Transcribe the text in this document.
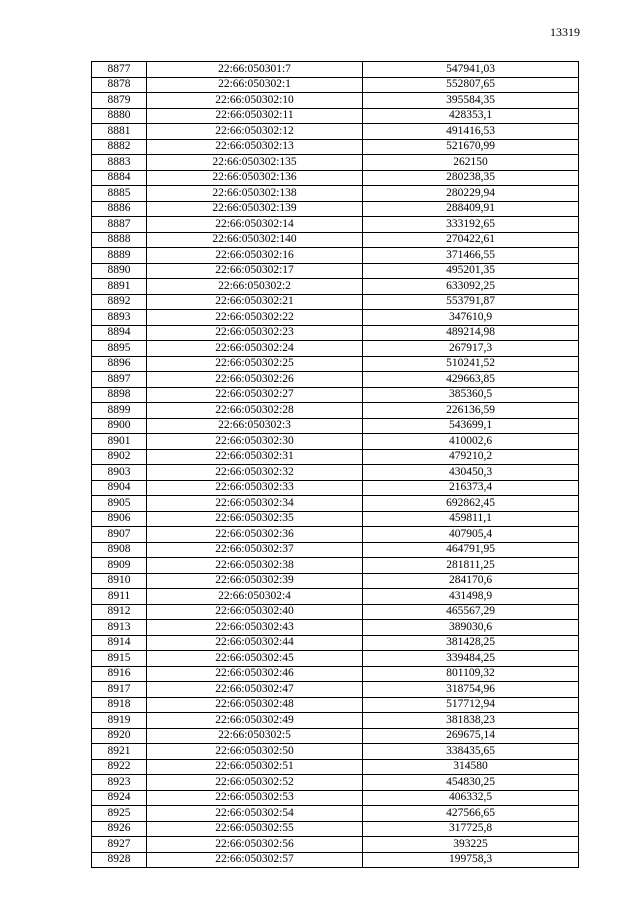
13319
8877	22:66:050301:7	547941,03
8878	22:66:050302:1	552807,65
8879	22:66:050302:10	395584,35
8880	22:66:050302:11	428353,1
8881	22:66:050302:12	491416,53
8882	22:66:050302:13	521670,99
8883	22:66:050302:135	262150
8884	22:66:050302:136	280238,35
8885	22:66:050302:138	280229,94
8886	22:66:050302:139	288409,91
8887	22:66:050302:14	333192,65
8888	22:66:050302:140	270422,61
8889	22:66:050302:16	371466,55
8890	22:66:050302:17	495201,35
8891	22:66:050302:2	633092,25
8892	22:66:050302:21	553791,87
8893	22:66:050302:22	347610,9
8894	22:66:050302:23	489214,98
8895	22:66:050302:24	267917,3
8896	22:66:050302:25	510241,52
8897	22:66:050302:26	429663,85
8898	22:66:050302:27	385360,5
8899	22:66:050302:28	226136,59
8900	22:66:050302:3	543699,1
8901	22:66:050302:30	410002,6
8902	22:66:050302:31	479210,2
8903	22:66:050302:32	430450,3
8904	22:66:050302:33	216373,4
8905	22:66:050302:34	692862,45
8906	22:66:050302:35	459811,1
8907	22:66:050302:36	407905,4
8908	22:66:050302:37	464791,95
8909	22:66:050302:38	281811,25
8910	22:66:050302:39	284170,6
8911	22:66:050302:4	431498,9
8912	22:66:050302:40	465567,29
8913	22:66:050302:43	389030,6
8914	22:66:050302:44	381428,25
8915	22:66:050302:45	339484,25
8916	22:66:050302:46	801109,32
8917	22:66:050302:47	318754,96
8918	22:66:050302:48	517712,94
8919	22:66:050302:49	381838,23
8920	22:66:050302:5	269675,14
8921	22:66:050302:50	338435,65
8922	22:66:050302:51	314580
8923	22:66:050302:52	454830,25
8924	22:66:050302:53	406332,5
8925	22:66:050302:54	427566,65
8926	22:66:050302:55	317725,8
8927	22:66:050302:56	393225
8928	22:66:050302:57	199758,3
